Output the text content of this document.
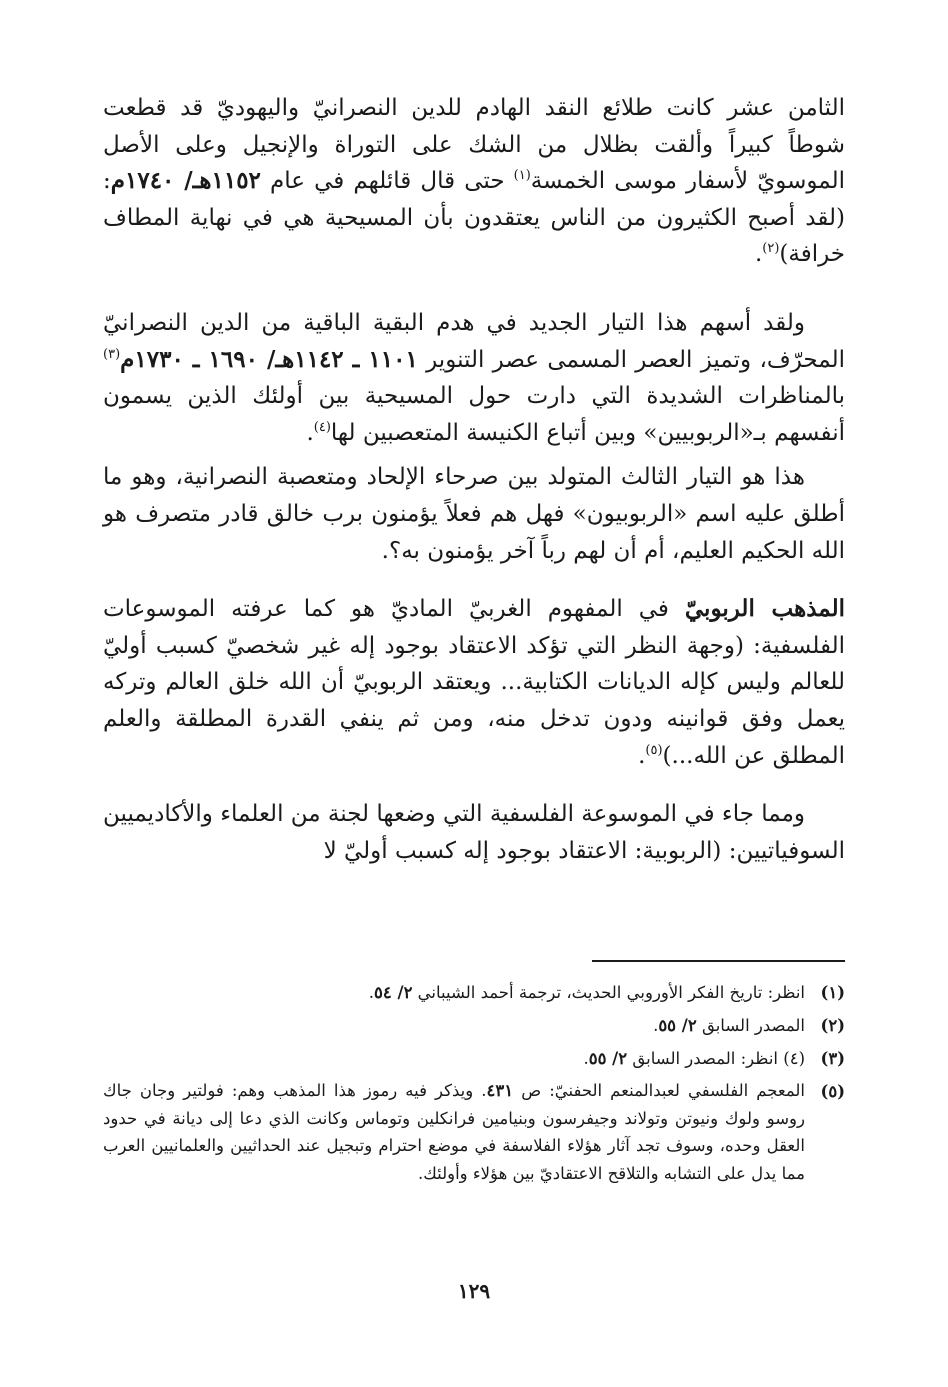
الثامن عشر كانت طلائع النقد الهادم للدين النصرانيّ واليهوديّ قد قطعت شوطاً كبيراً وألقت بظلال من الشك على التوراة والإنجيل وعلى الأصل الموسويّ لأسفار موسى الخمسة$^{(١)}$ حتى قال قائلهم في عام ١١٥٢هـ/ ١٧٤٠م: (لقد أصبح الكثيرون من الناس يعتقدون بأن المسيحية هي في نهاية المطاف خرافة)$^{(٢)}$.
ولقد أسهم هذا التيار الجديد في هدم البقية الباقية من الدين النصرانيّ المحرّف، وتميز العصر المسمى عصر التنوير ١١٠١ ـ ١١٤٢هـ/ ١٦٩٠ ـ ١٧٣٠م$^{(٣)}$ بالمناظرات الشديدة التي دارت حول المسيحية بين أولئك الذين يسمون أنفسهم بـ«الربوبيين» وبين أتباع الكنيسة المتعصبين لها$^{(٤)}$.
هذا هو التيار الثالث المتولد بين صرحاء الإلحاد ومتعصبة النصرانية، وهو ما أطلق عليه اسم «الربوبيون» فهل هم فعلاً يؤمنون برب خالق قادر متصرف هو الله الحكيم العليم، أم أن لهم رباً آخر يؤمنون به؟.
المذهب الربوبيّ في المفهوم الغربيّ الماديّ هو كما عرفته الموسوعات الفلسفية: (وجهة النظر التي تؤكد الاعتقاد بوجود إله غير شخصيّ كسبب أوليّ للعالم وليس كإله الديانات الكتابية... ويعتقد الربوبيّ أن الله خلق العالم وتركه يعمل وفق قوانينه ودون تدخل منه، ومن ثم ينفي القدرة المطلقة والعلم المطلق عن الله...)$^{(٥)}$.
ومما جاء في الموسوعة الفلسفية التي وضعها لجنة من العلماء والأكاديميين السوفياتيين: (الربوبية: الاعتقاد بوجود إله كسبب أوليّ لا
(١)
انظر: تاريخ الفكر الأوروبي الحديث، ترجمة أحمد الشيباني ٢/ ٥٤.
(٢)
المصدر السابق ٢/ ٥٥.
(٣)
(٤) انظر: المصدر السابق ٢/ ٥٥.
(٥)
المعجم الفلسفي لعبدالمنعم الحفنيّ: ص ٤٣١. ويذكر فيه رموز هذا المذهب وهم: فولتير وجان جاك روسو ولوك ونيوتن وتولاند وجيفرسون وبنيامين فرانكلين وتوماس وكانت الذي دعا إلى ديانة في حدود العقل وحده، وسوف تجد آثار هؤلاء الفلاسفة في موضع احترام وتبجيل عند الحداثيين والعلمانيين العرب مما يدل على التشابه والتلاقح الاعتقاديّ بين هؤلاء وأولئك.
١٢٩
